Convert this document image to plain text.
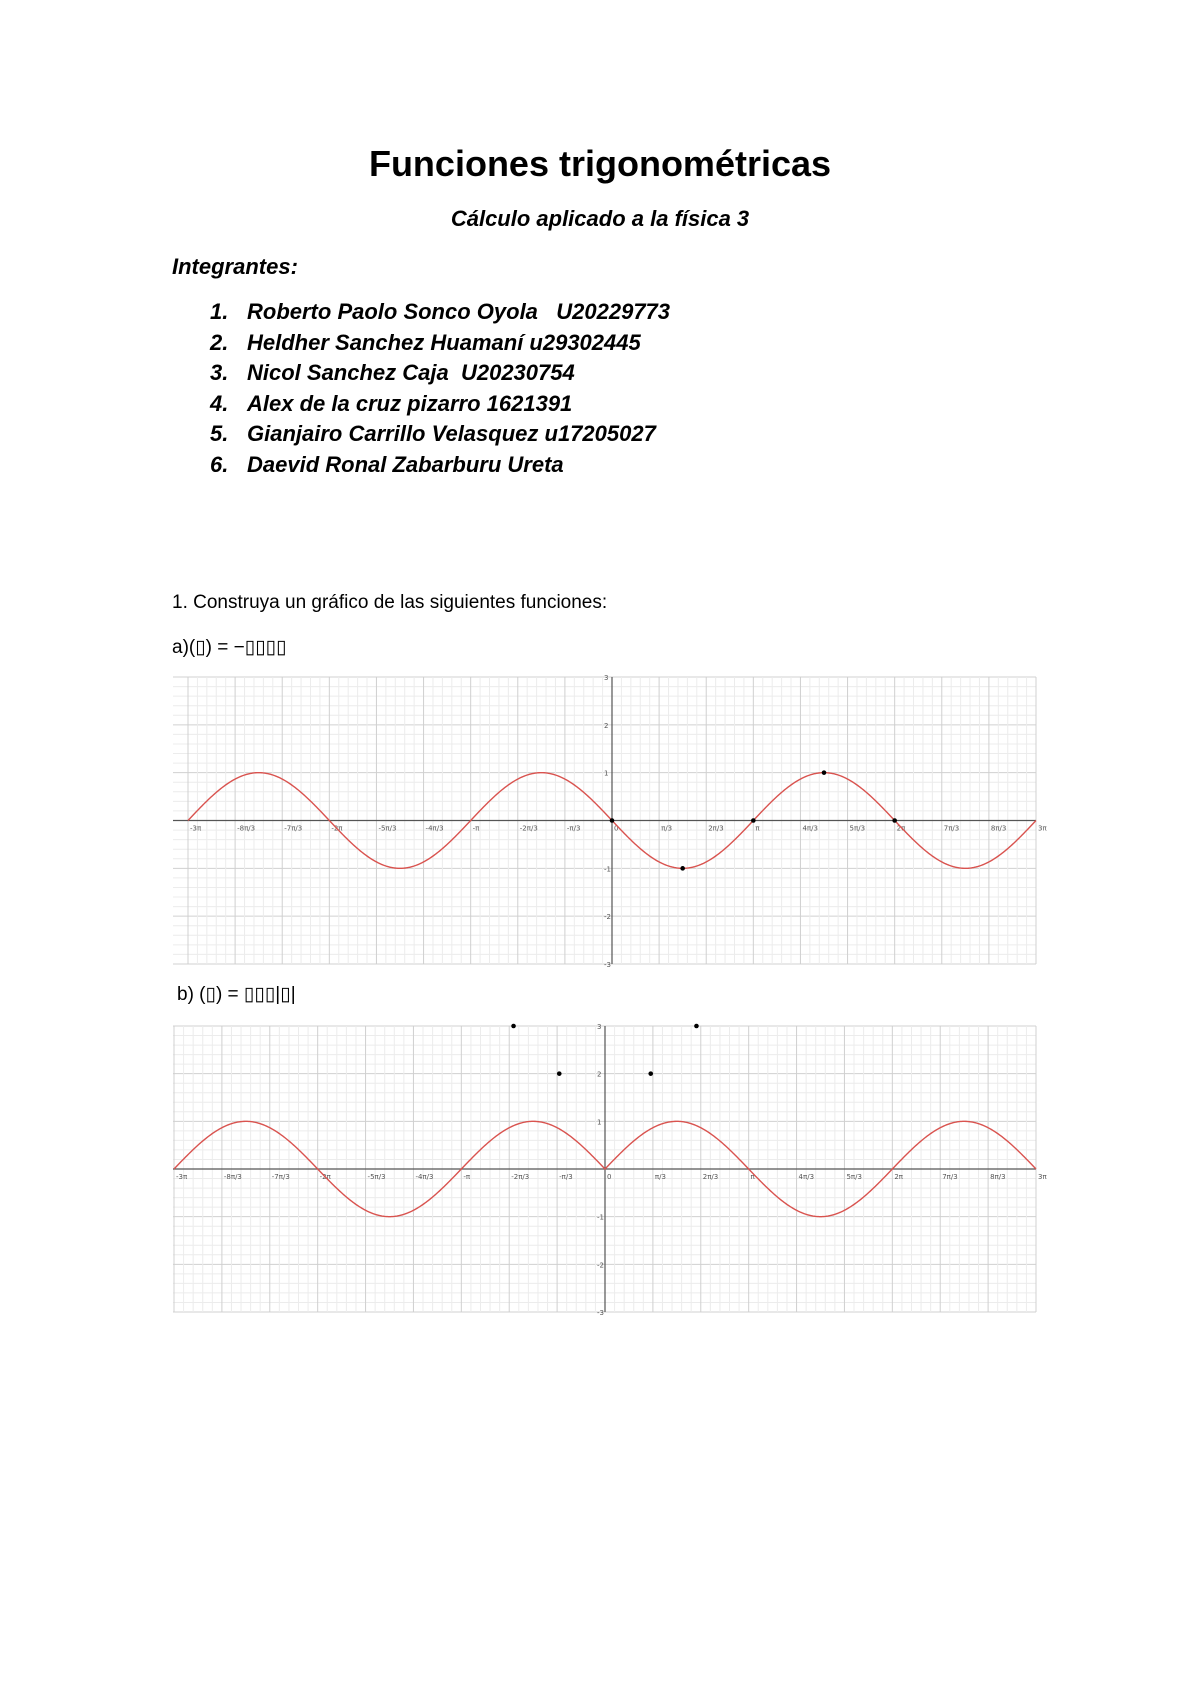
Funciones trigonométricas
Cálculo aplicado a la física 3
Integrantes:
1. Roberto Paolo Sonco Oyola   U20229773
2. Heldher Sanchez Huamaní u29302445
3. Nicol Sanchez Caja  U20230754
4. Alex de la cruz pizarro 1621391
5. Gianjairo Carrillo Velasquez u17205027
6. Daevid Ronal Zabarburu Ureta
1. Construya un gráfico de las siguientes funciones:
a)(▯) = −▯▯▯▯
-3π	-8π/3	-7π/3	-2π	-5π/3	-4π/3	-π	-2π/3	-π/3	0	π/3	2π/3	π	4π/3	5π/3	2π	7π/3	8π/3	3π
3
2
1
-1
-2
-3
b) (▯) = ▯▯▯|▯|
-3π	-8π/3	-7π/3	-2π	-5π/3	-4π/3	-π	-2π/3	-π/3	0	π/3	2π/3	π	4π/3	5π/3	2π	7π/3	8π/3	3π
3
2
1
-1
-2
-3
